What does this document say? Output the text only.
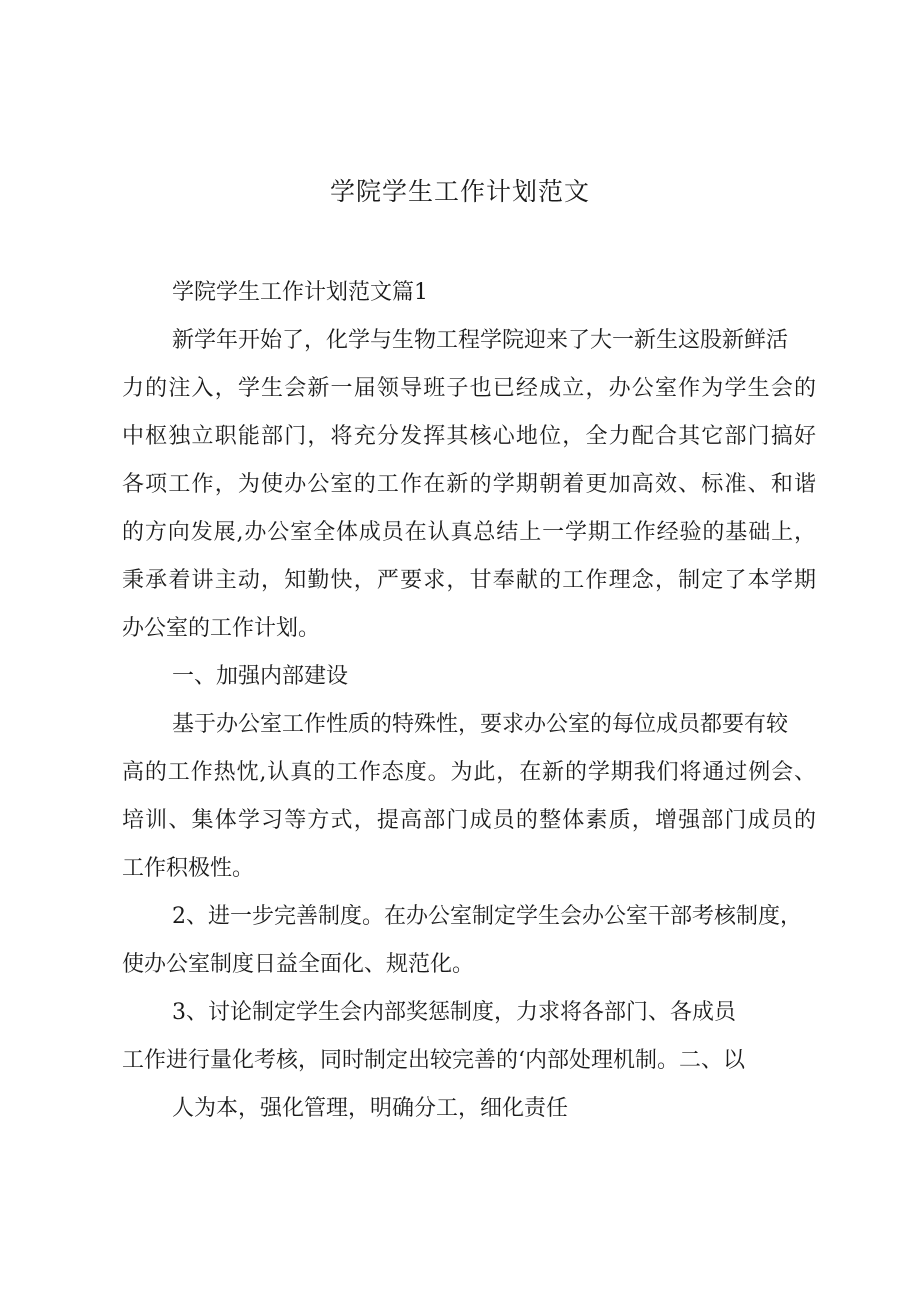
学院学生工作计划范文
学院学生工作计划范文篇1
新学年开始了，化学与生物工程学院迎来了大一新生这股新鲜活
力的注入，学生会新一届领导班子也已经成立，办公室作为学生会的
中枢独立职能部门，将充分发挥其核心地位，全力配合其它部门搞好
各项工作，为使办公室的工作在新的学期朝着更加高效、标准、和谐
的方向发展,办公室全体成员在认真总结上一学期工作经验的基础上，
秉承着讲主动，知勤快，严要求，甘奉献的工作理念，制定了本学期
办公室的工作计划。
一、加强内部建设
基于办公室工作性质的特殊性，要求办公室的每位成员都要有较
高的工作热忱,认真的工作态度。为此，在新的学期我们将通过例会、
培训、集体学习等方式，提高部门成员的整体素质，增强部门成员的
工作积极性。
2、进一步完善制度。在办公室制定学生会办公室干部考核制度，
使办公室制度日益全面化、规范化。
3、讨论制定学生会内部奖惩制度，力求将各部门、各成员
工作进行量化考核，同时制定出较完善的‘内部处理机制。二、以
人为本，强化管理，明确分工，细化责任
